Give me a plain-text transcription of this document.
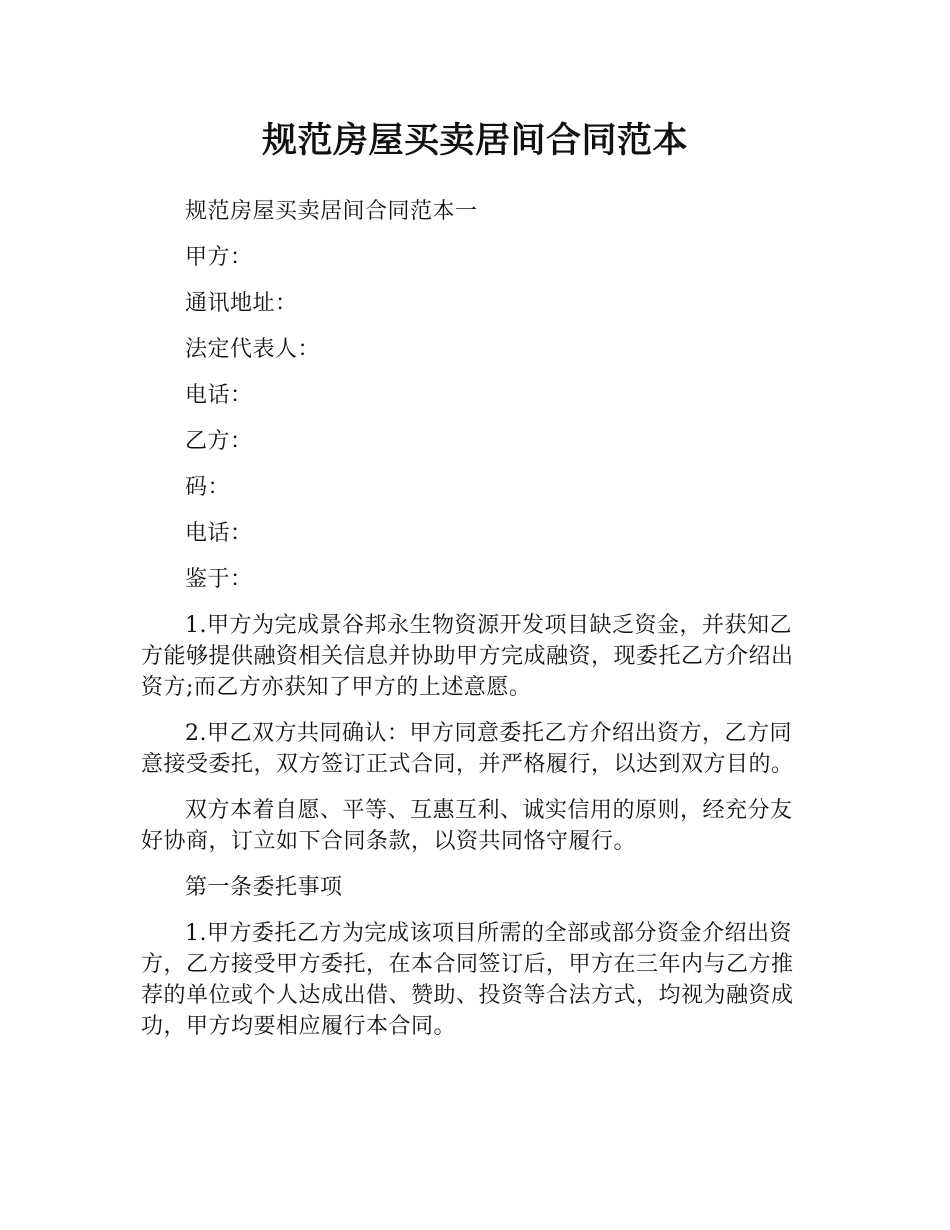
规范房屋买卖居间合同范本

规范房屋买卖居间合同范本一

甲方：

通讯地址：

法定代表人：

电话：

乙方：

码：

电话：

鉴于：

1.甲方为完成景谷邦永生物资源开发项目缺乏资金，并获知乙方能够提供融资相关信息并协助甲方完成融资，现委托乙方介绍出资方;而乙方亦获知了甲方的上述意愿。

2.甲乙双方共同确认：甲方同意委托乙方介绍出资方，乙方同意接受委托，双方签订正式合同，并严格履行，以达到双方目的。

双方本着自愿、平等、互惠互利、诚实信用的原则，经充分友好协商，订立如下合同条款，以资共同恪守履行。

第一条委托事项

1.甲方委托乙方为完成该项目所需的全部或部分资金介绍出资方，乙方接受甲方委托，在本合同签订后，甲方在三年内与乙方推荐的单位或个人达成出借、赞助、投资等合法方式，均视为融资成功，甲方均要相应履行本合同。
